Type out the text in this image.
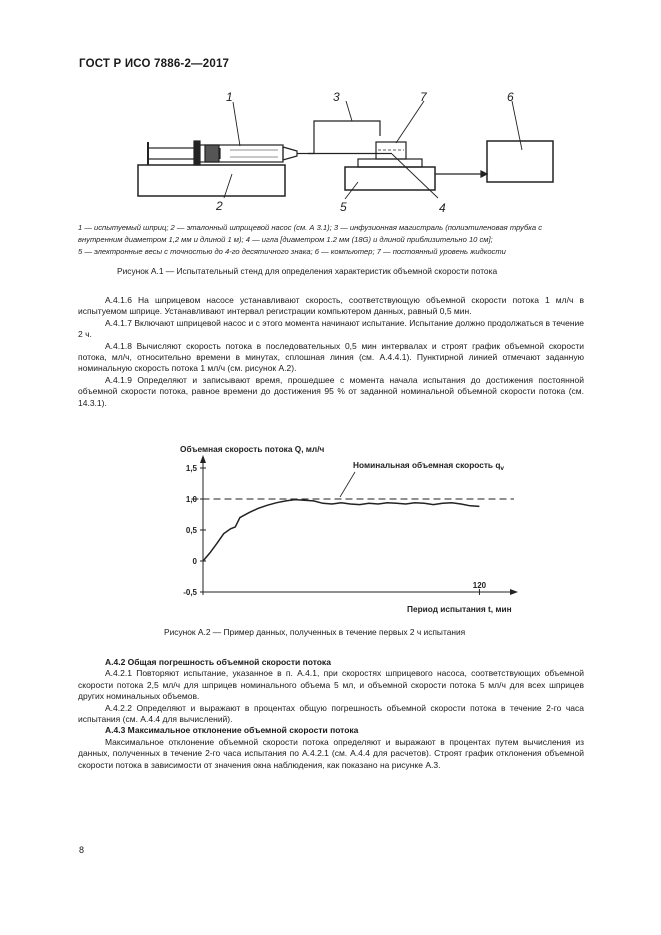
ГОСТ Р ИСО 7886-2—2017
1
2
3
4
5
6
7
1 — испытуемый шприц; 2 — эталонный шприцевой насос (см. А 3.1); 3 — инфузионная магистраль (полиэтиленовая трубка с
внутренним диаметром 1,2 мм и длиной 1 м); 4 — игла [диаметром 1.2 мм (18G) и длиной приблизительно 10 см];
5 — электронные весы с точностью до 4-го десятичного знака; 6 — компьютер; 7 — постоянный уровень жидкости
Рисунок А.1 — Испытательный стенд для определения характеристик объемной скорости потока

А.4.1.6 На шприцевом насосе устанавливают скорость, соответствующую объемной скорости потока 1 мл/ч в испытуемом шприце. Устанавливают интервал регистрации компьютером данных, равный 0,5 мин.

А.4.1.7 Включают шприцевой насос и с этого момента начинают испытание. Испытание должно продолжаться в течение 2 ч.

А.4.1.8 Вычисляют скорость потока в последовательных 0,5 мин интервалах и строят график объемной скорости потока, мл/ч, относительно времени в минутах, сплошная линия (см. А.4.4.1). Пунктирной линией отмечают заданную номинальную скорость потока 1 мл/ч (см. рисунок А.2).

А.4.1.9 Определяют и записывают время, прошедшее с момента начала испытания до достижения постоянной объемной скорости потока, равное времени до достижения 95 % от заданной номинальной объемной скорости потока (см. 14.3.1).

Объемная скорость потока Q, мл/ч
1,5
1,0
0,5
0
-0,5
120
Номинальная объемная скорость $q_v$
Период испытания t, мин
Рисунок А.2 — Пример данных, полученных в течение первых 2 ч испытания

А.4.2 Общая погрешность объемной скорости потока

А.4.2.1 Повторяют испытание, указанное в п. А.4.1, при скоростях шприцевого насоса, соответствующих объемной скорости потока 2,5 мл/ч для шприцев номинального объема 5 мл, и объемной скорости потока 5 мл/ч для всех шприцев других номинальных объемов.

А.4.2.2 Определяют и выражают в процентах общую погрешность объемной скорости потока в течение 2-го часа испытания (см. А.4.4 для вычислений).

А.4.3 Максимальное отклонение объемной скорости потока

Максимальное отклонение объемной скорости потока определяют и выражают в процентах путем вычисления из данных, полученных в течение 2-го часа испытания по А.4.2.1 (см. А.4.4 для расчетов). Строят график отклонения объемной скорости потока в зависимости от значения окна наблюдения, как показано на рисунке А.3.

8
